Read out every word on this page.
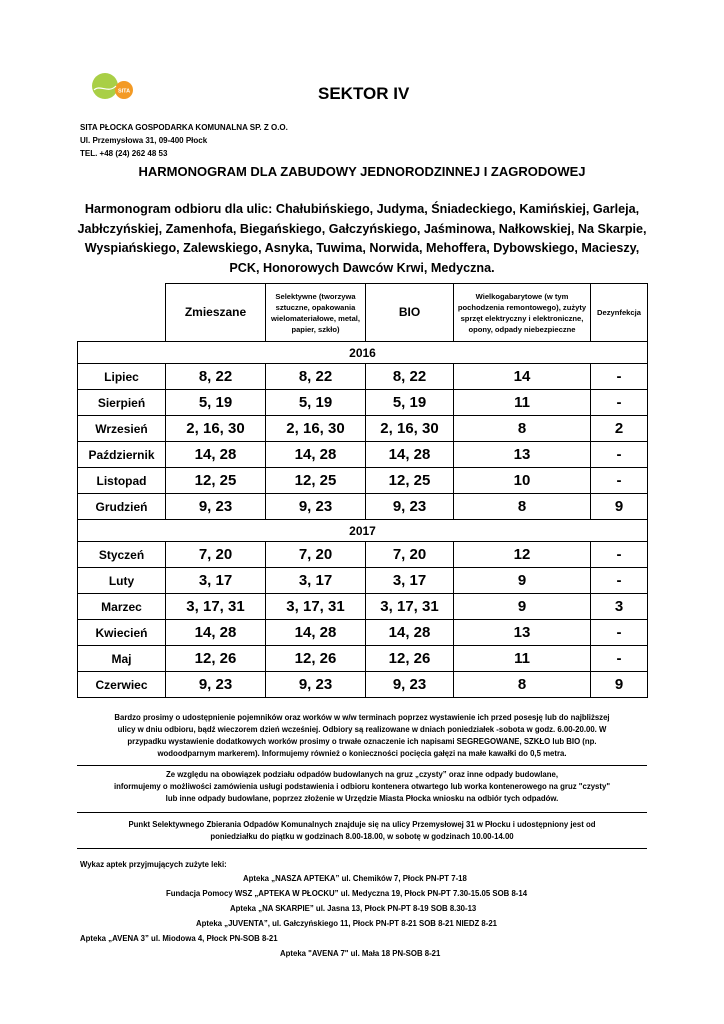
SITA	SEKTOR IV
SITA PŁOCKA GOSPODARKA KOMUNALNA SP. Z O.O.
Ul. Przemysłowa 31, 09-400 Płock
TEL. +48 (24) 262 48 53
HARMONOGRAM DLA ZABUDOWY JEDNORODZINNEJ I ZAGRODOWEJ
Harmonogram odbioru dla ulic: Chałubińskiego, Judyma, Śniadeckiego, Kamińskiej, Garleja,
Jabłczyńskiej, Zamenhofa, Biegańskiego, Gałczyńskiego, Jaśminowa, Nałkowskiej, Na Skarpie,
Wyspiańskiego, Zalewskiego, Asnyka, Tuwima, Norwida, Mehoffera, Dybowskiego, Macieszy,
PCK, Honorowych Dawców Krwi, Medyczna.
	Zmieszane	Selektywne (tworzywa sztuczne, opakowania wielomateriałowe, metal, papier, szkło)	BIO	Wielkogabarytowe (w tym pochodzenia remontowego), zużyty sprzęt elektryczny i elektroniczne, opony, odpady niebezpieczne	Dezynfekcja
2016					
Lipiec	8, 22	8, 22	8, 22	14	-
Sierpień	5, 19	5, 19	5, 19	11	-
Wrzesień	2, 16, 30	2, 16, 30	2, 16, 30	8	2
Październik	14, 28	14, 28	14, 28	13	-
Listopad	12, 25	12, 25	12, 25	10	-
Grudzień	9, 23	9, 23	9, 23	8	9
2017					
Styczeń	7, 20	7, 20	7, 20	12	-
Luty	3, 17	3, 17	3, 17	9	-
Marzec	3, 17, 31	3, 17, 31	3, 17, 31	9	3
Kwiecień	14, 28	14, 28	14, 28	13	-
Maj	12, 26	12, 26	12, 26	11	-
Czerwiec	9, 23	9, 23	9, 23	8	9
Bardzo prosimy o udostępnienie pojemników oraz worków w w/w terminach poprzez wystawienie ich przed posesję lub do najbliższej
ulicy w dniu odbioru, bądź wieczorem dzień wcześniej. Odbiory są realizowane w dniach poniedziałek -sobota w godz. 6.00-20.00. W
przypadku wystawienie dodatkowych worków prosimy o trwałe oznaczenie ich napisami SEGREGOWANE, SZKŁO lub BIO (np.
wodoodparnym markerem). Informujemy również o konieczności pocięcia gałęzi na małe kawałki do 0,5 metra.
Ze względu na obowiązek podziału odpadów budowlanych na gruz „czysty” oraz inne odpady budowlane,
informujemy o możliwości zamówienia usługi podstawienia i odbioru kontenera otwartego lub worka kontenerowego na gruz "czysty"
lub inne odpady budowlane, poprzez złożenie w Urzędzie Miasta Płocka wniosku na odbiór tych odpadów.
Punkt Selektywnego Zbierania Odpadów Komunalnych znajduje się na ulicy Przemysłowej 31 w Płocku i udostępniony jest od
poniedziałku do piątku w godzinach 8.00-18.00, w sobotę w godzinach 10.00-14.00
Wykaz aptek przyjmujących zużyte leki:
Apteka „NASZA APTEKA” ul. Chemików 7, Płock PN-PT 7-18
Fundacja Pomocy WSZ „APTEKA W PŁOCKU” ul. Medyczna 19, Płock PN-PT 7.30-15.05 SOB 8-14
Apteka „NA SKARPIE” ul. Jasna 13, Płock PN-PT 8-19 SOB 8.30-13
Apteka „JUVENTA”, ul. Gałczyńskiego 11, Płock PN-PT 8-21 SOB 8-21 NIEDZ 8-21
Apteka „AVENA 3” ul. Miodowa 4, Płock PN-SOB 8-21
Apteka "AVENA 7" ul. Mała 18 PN-SOB 8-21
